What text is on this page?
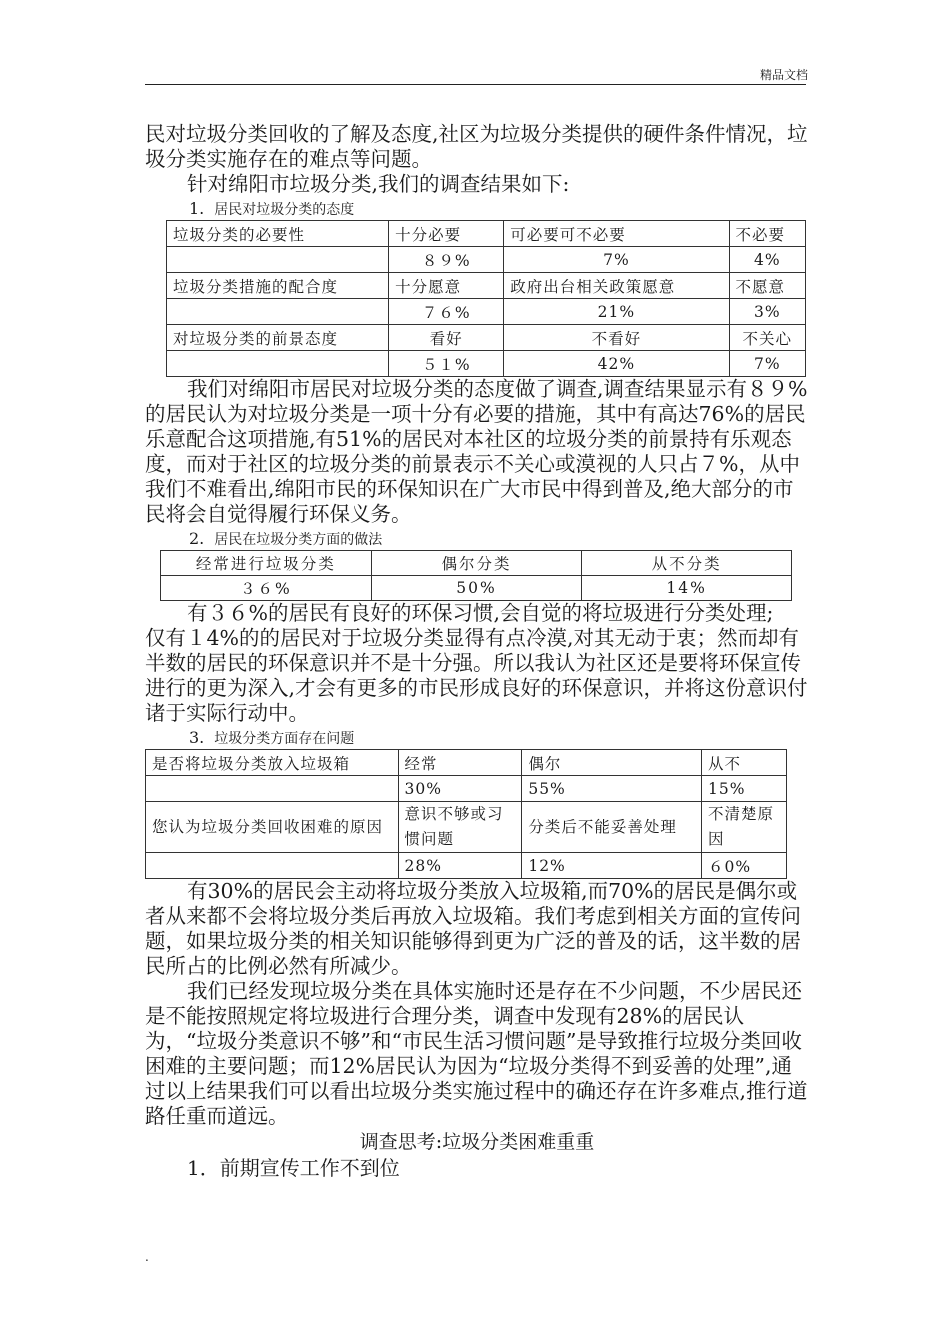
精品文档

民对垃圾分类回收的了解及态度,社区为垃圾分类提供的硬件条件情况，垃圾分类实施存在的难点等问题。

针对绵阳市垃圾分类,我们的调查结果如下:

1. 居民对垃圾分类的态度
垃圾分类的必要性	十分必要	可必要可不必要	不必要
	８９%	7%	4%
垃圾分类措施的配合度	十分愿意	政府出台相关政策愿意	不愿意
	７６%	21%	3%
对垃圾分类的前景态度	看好	不看好	不关心
	５１%	42%	7%

我们对绵阳市居民对垃圾分类的态度做了调查,调查结果显示有８９%的居民认为对垃圾分类是一项十分有必要的措施，其中有高达76%的居民乐意配合这项措施,有51%的居民对本社区的垃圾分类的前景持有乐观态度，而对于社区的垃圾分类的前景表示不关心或漠视的人只占７%，从中我们不难看出,绵阳市民的环保知识在广大市民中得到普及,绝大部分的市民将会自觉得履行环保义务。

2. 居民在垃圾分类方面的做法
经常进行垃圾分类	偶尔分类	从不分类
３６%	50%	14%

有３６%的居民有良好的环保习惯,会自觉的将垃圾进行分类处理;

仅有１4%的的居民对于垃圾分类显得有点冷漠,对其无动于衷；然而却有半数的居民的环保意识并不是十分强。所以我认为社区还是要将环保宣传进行的更为深入,才会有更多的市民形成良好的环保意识，并将这份意识付诸于实际行动中。

3. 垃圾分类方面存在问题
是否将垃圾分类放入垃圾箱	经常	偶尔	从不
	30%	55%	15%
您认为垃圾分类回收困难的原因	意识不够或习惯问题	分类后不能妥善处理	不清楚原因
	28%	12%	６0%

有30%的居民会主动将垃圾分类放入垃圾箱,而70%的居民是偶尔或者从来都不会将垃圾分类后再放入垃圾箱。我们考虑到相关方面的宣传问题，如果垃圾分类的相关知识能够得到更为广泛的普及的话，这半数的居民所占的比例必然有所减少。

我们已经发现垃圾分类在具体实施时还是存在不少问题，不少居民还是不能按照规定将垃圾进行合理分类，调查中发现有28%的居民认为，“垃圾分类意识不够”和“市民生活习惯问题”是导致推行垃圾分类回收困难的主要问题；而12%居民认为因为“垃圾分类得不到妥善的处理”,通过以上结果我们可以看出垃圾分类实施过程中的确还存在许多难点,推行道路任重而道远。

调查思考:垃圾分类困难重重

1．前期宣传工作不到位

.
